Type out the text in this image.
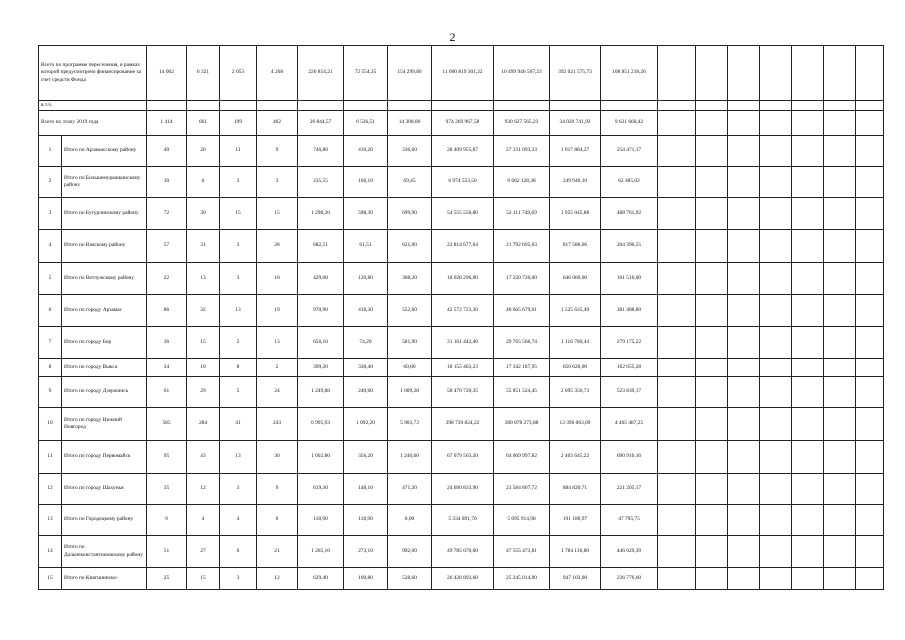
2
Всего по программе переселения, в рамках которой предусмотрено финансирование за счет средств Фонда		14 062	6 321	2 053	4 268	226 854,21	72 554,35	154 299,86	11 000 819 301,22	10 499 946 507,23	392 021 575,73	108 851 218,26							
в т.ч.																			
Всего по этапу 2019 года		1 414	661	199	462	26 844,57	6 536,51	14 308,06	974 269 967,58	930 627 565,23	34 020 741,93	9 621 660,42							
1	Итого по Арзамасскому району	40	20	11	9	746,80	410,20	336,60	28 409 955,87	27 131 093,33	1 017 884,37	254 471,17							
2	Итого по Большемурашкинскому району	10	6	3	3	235,55	166,10	69,45	6 974 553,50	6 662 128,38	249 940,10	62 485,02							
3	Итого по Бутурлинскому району	72	30	15	15	1 298,20	598,30	699,90	54 555 556,80	52 111 749,69	1 955 045,88	488 761,92							
4	Итого по Вачскому району	57	31	3	28	682,51	61,51	621,00	22 814 677,64	21 792 695,03	817 586,06	204 396,55							
5	Итого по Ветлужскому району	22	13	3	10	429,00	120,80	308,20	18 028 296,00	17 220 720,00	646 060,00	161 516,00							
6	Итого по городу Арзамас	86	32	13	19	970,90	418,30	552,60	42 572 723,30	40 665 679,01	1 525 635,49	381 408,80							
7	Итого по городу Бор	36	15	2	13	656,10	74,20	581,90	31 161 442,40	29 765 566,74	1 116 700,44	279 175,22							
8	Итого по городу Выкса	34	10	8	2	399,20	338,40	60,80	18 155 463,23	17 342 187,95	650 620,00	162 655,28							
9	Итого по городу Дзержинск	61	29	5	24	1 249,88	240,60	1 009,28	58 470 720,35	55 851 524,45	2 095 356,73	523 839,17							
10	Итого по городу Нижний Новгород	585	284	41	243	6 995,93	1 092,20	5 903,73	398 739 824,22	380 878 273,88	13 396 063,09	4 465 487,25							
11	Итого по городу Первомайск	95	43	13	30	1 602,80	356,20	1 246,60	67 079 563,20	64 069 997,82	2 403 645,22	690 916,16							
12	Итого по городу Шахунья	35	12	3	9	619,30	148,10	471,20	24 690 833,90	23 584 807,72	884 820,71	221 205,17							
13	Итого по Городецкому району	9	4	4	0	118,90	118,90	0,00	5 334 891,70	5 095 914,98	191 180,97	47 795,75							
14	Итого по Дальнеконстантиновскому району	51	27	6	21	1 265,10	273,10	992,00	49 785 670,00	47 555 473,81	1 784 116,80	446 029,39							
15	Итого по Княгининско-	25	15	3	12	629,40	100,80	528,60	26 428 893,60	25 245 014,00	947 103,00	236 776,60							
